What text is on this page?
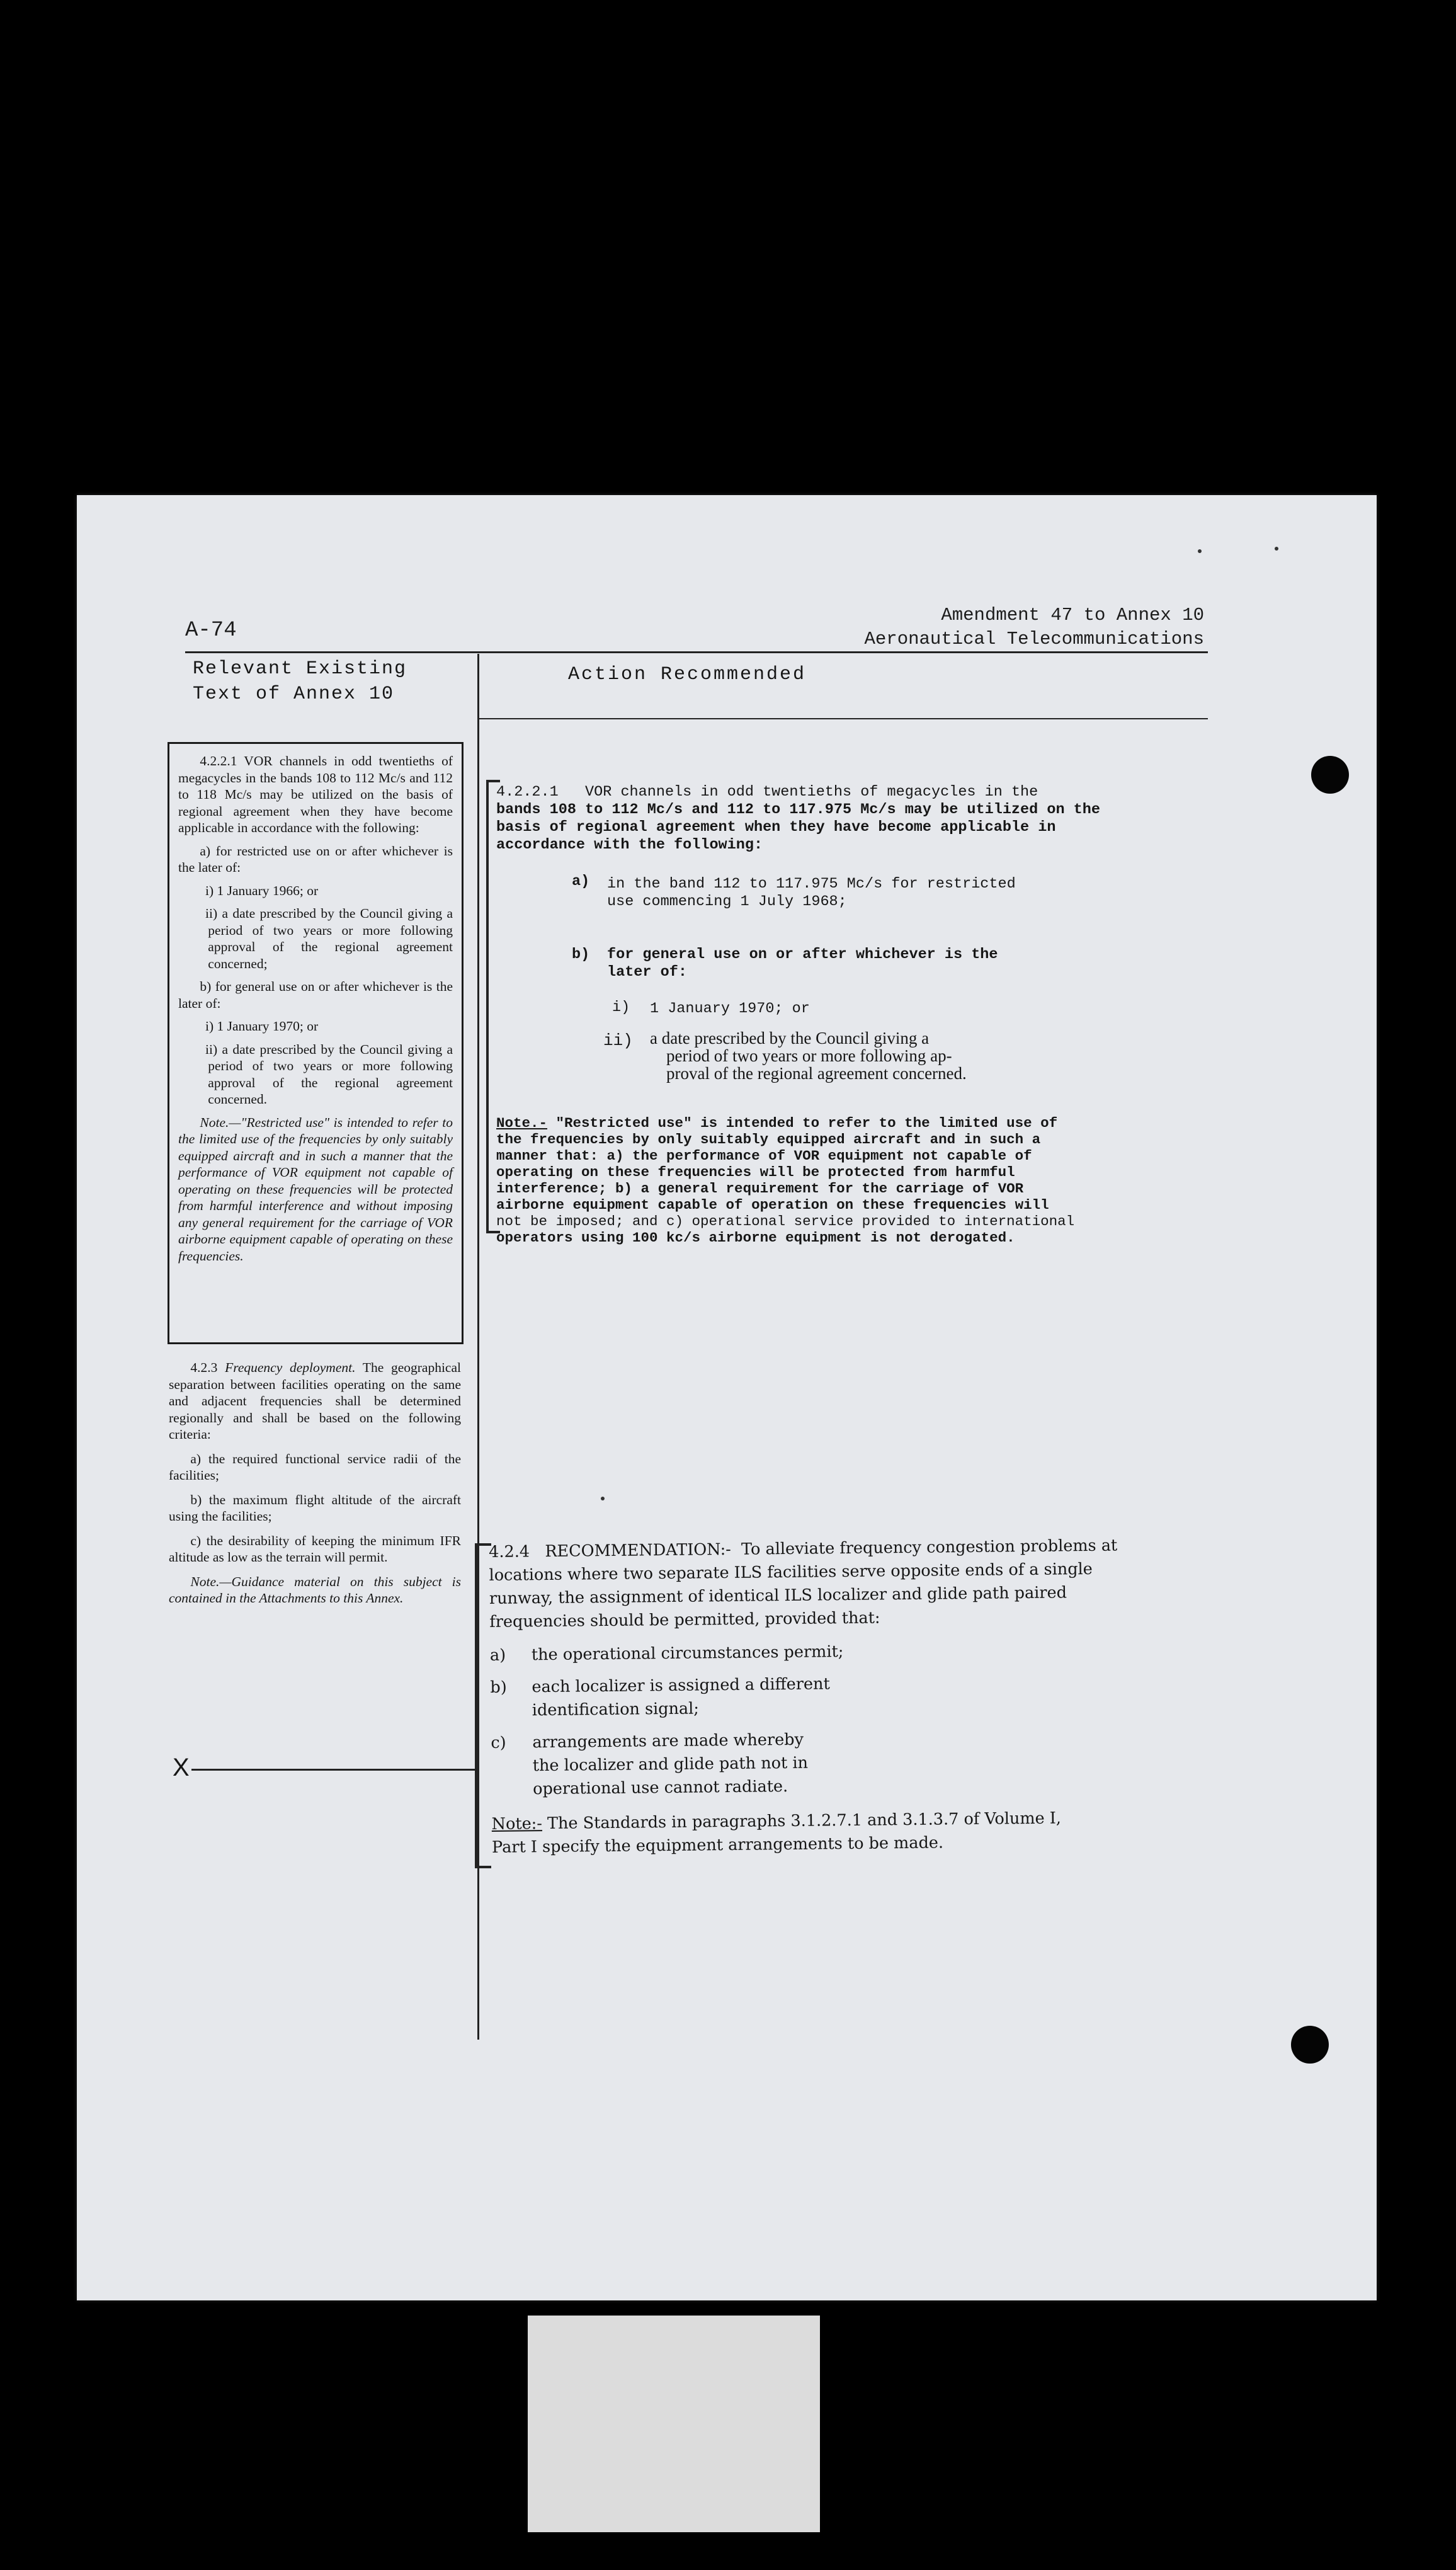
A-74
Amendment 47 to Annex 10
Aeronautical Telecommunications
Relevant Existing
Text of Annex 10
Action Recommended

4.2.2.1 VOR channels in odd twentieths of megacycles in the bands 108 to 112 Mc/s and 112 to 118 Mc/s may be utilized on the basis of regional agreement when they have become applicable in accordance with the following:

a) for restricted use on or after whichever is the later of:

i) 1 January 1966; or

ii) a date prescribed by the Council giving a period of two years or more following approval of the regional agreement concerned;

b) for general use on or after whichever is the later of:

i) 1 January 1970; or

ii) a date prescribed by the Council giving a period of two years or more following approval of the regional agreement concerned.

Note.—"Restricted use" is intended to refer to the limited use of the frequencies by only suitably equipped aircraft and in such a manner that the performance of VOR equipment not capable of operating on these frequencies will be protected from harmful interference and without imposing any general requirement for the carriage of VOR airborne equipment capable of operating on these frequencies.

4.2.3 Frequency deployment. The geographical separation between facilities operating on the same and adjacent frequencies shall be determined regionally and shall be based on the following criteria:

a) the required functional service radii of the facilities;

b) the maximum flight altitude of the aircraft using the facilities;

c) the desirability of keeping the minimum IFR altitude as low as the terrain will permit.

Note.—Guidance material on this subject is contained in the Attachments to this Annex.

X
4.2.2.1 VOR channels in odd twentieths of megacycles in the
bands 108 to 112 Mc/s and 112 to 117.975 Mc/s may be utilized on the
basis of regional agreement when they have become applicable in
accordance with the following:
a) in the band 112 to 117.975 Mc/s for restricted
use commencing 1 July 1968;
b) for general use on or after whichever is the
later of:
i) 1 January 1970; or
ii) a date prescribed by the Council giving a
period of two years or more following ap-
proval of the regional agreement concerned.
Note.- "Restricted use" is intended to refer to the limited use of
the frequencies by only suitably equipped aircraft and in such a
manner that: a) the performance of VOR equipment not capable of
operating on these frequencies will be protected from harmful
interference; b) a general requirement for the carriage of VOR
airborne equipment capable of operation on these frequencies will
not be imposed; and c) operational service provided to international
operators using 100 kc/s airborne equipment is not derogated.

4.2.4 RECOMMENDATION:- To alleviate frequency congestion problems at locations where two separate ILS facilities serve opposite ends of a single runway, the assignment of identical ILS localizer and glide path paired frequencies should be permitted, provided that:

a)	the operational circumstances permit;
b)	each localizer is assigned a different identification signal;
c)	arrangements are made whereby the localizer and glide path not in operational use cannot radiate.

Note:- The Standards in paragraphs 3.1.2.7.1 and 3.1.3.7 of Volume I, Part I specify the equipment arrangements to be made.
